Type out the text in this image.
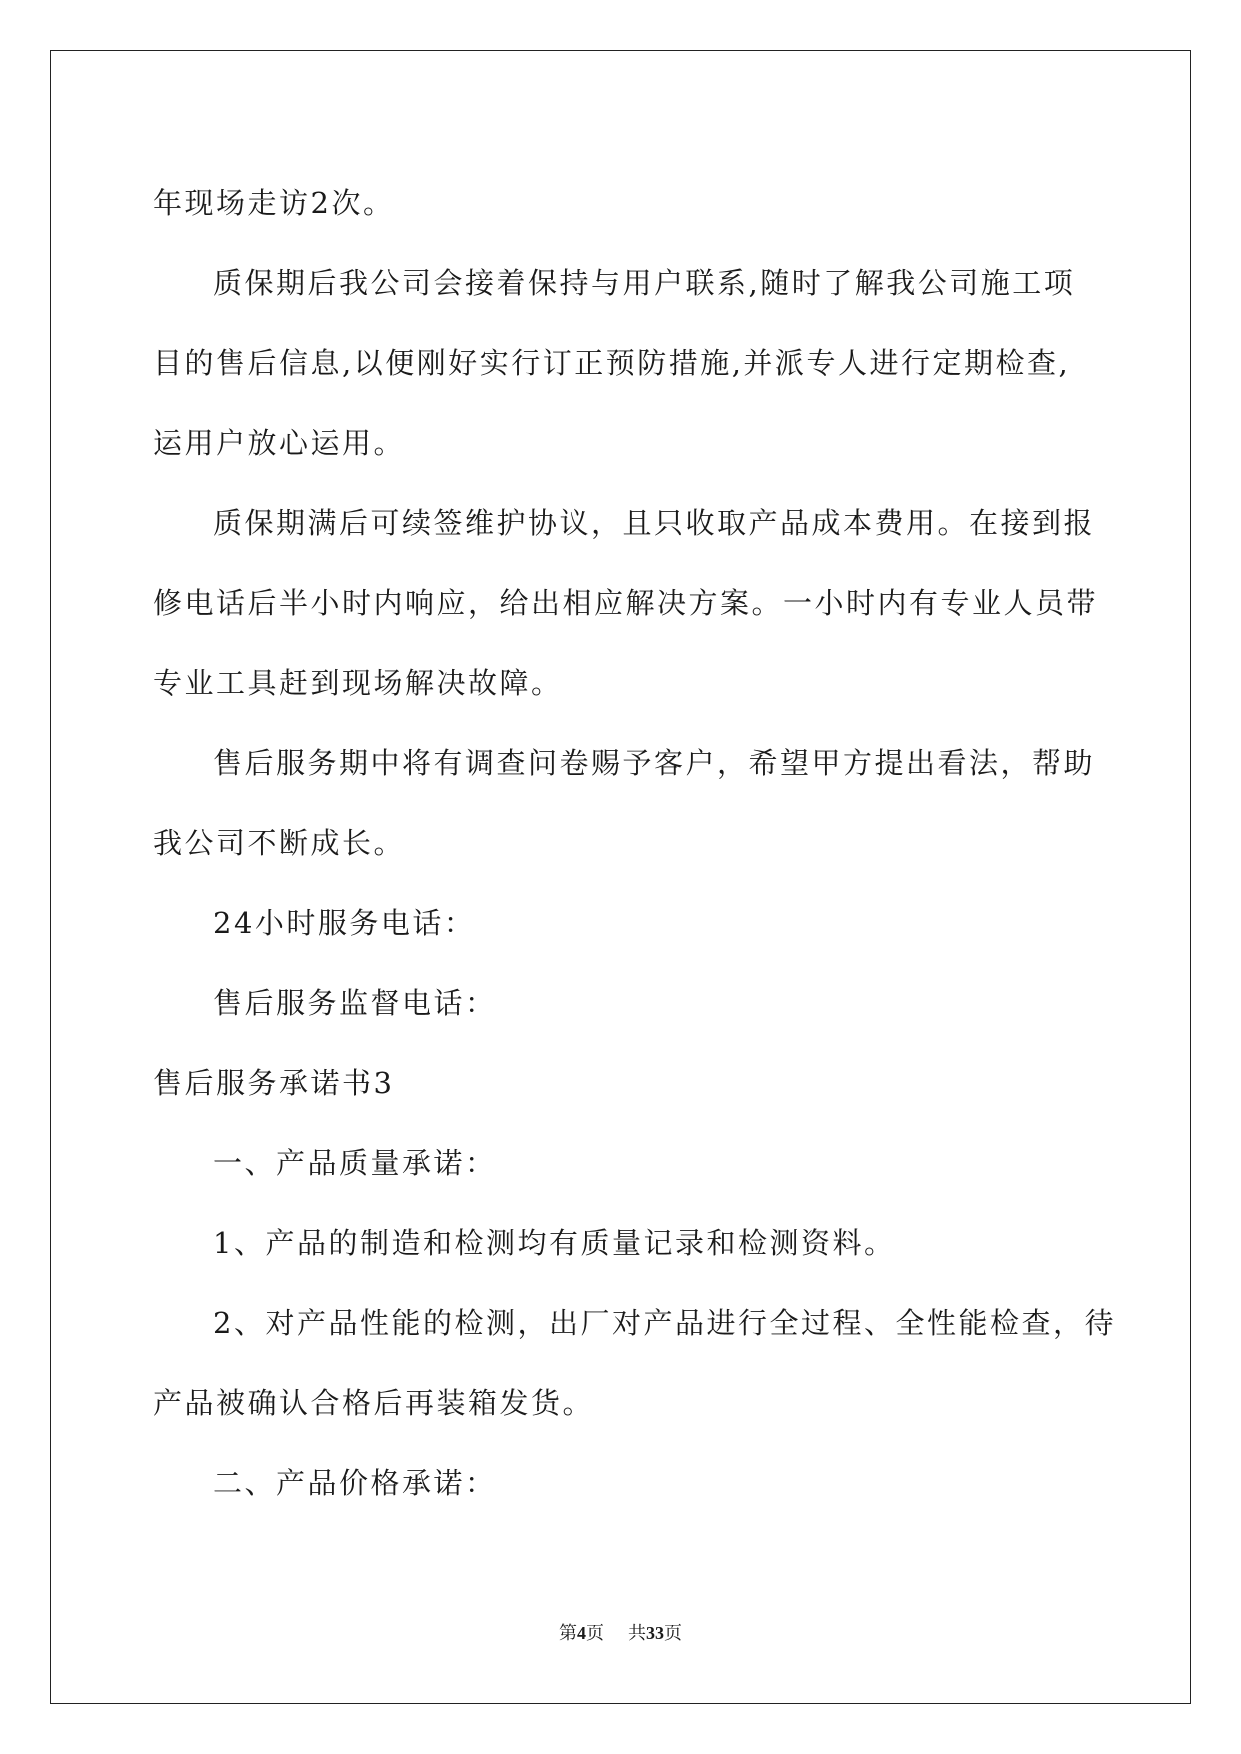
年现场走访2次。
质保期后我公司会接着保持与用户联系,随时了解我公司施工项
目的售后信息,以便刚好实行订正预防措施,并派专人进行定期检查,
运用户放心运用。
质保期满后可续签维护协议，且只收取产品成本费用。在接到报
修电话后半小时内响应，给出相应解决方案。一小时内有专业人员带
专业工具赶到现场解决故障。
售后服务期中将有调查问卷赐予客户，希望甲方提出看法，帮助
我公司不断成长。
24小时服务电话：
售后服务监督电话：
售后服务承诺书3
一、产品质量承诺：
1、产品的制造和检测均有质量记录和检测资料。
2、对产品性能的检测，出厂对产品进行全过程、全性能检查，待
产品被确认合格后再装箱发货。
二、产品价格承诺：
第4页 共33页
